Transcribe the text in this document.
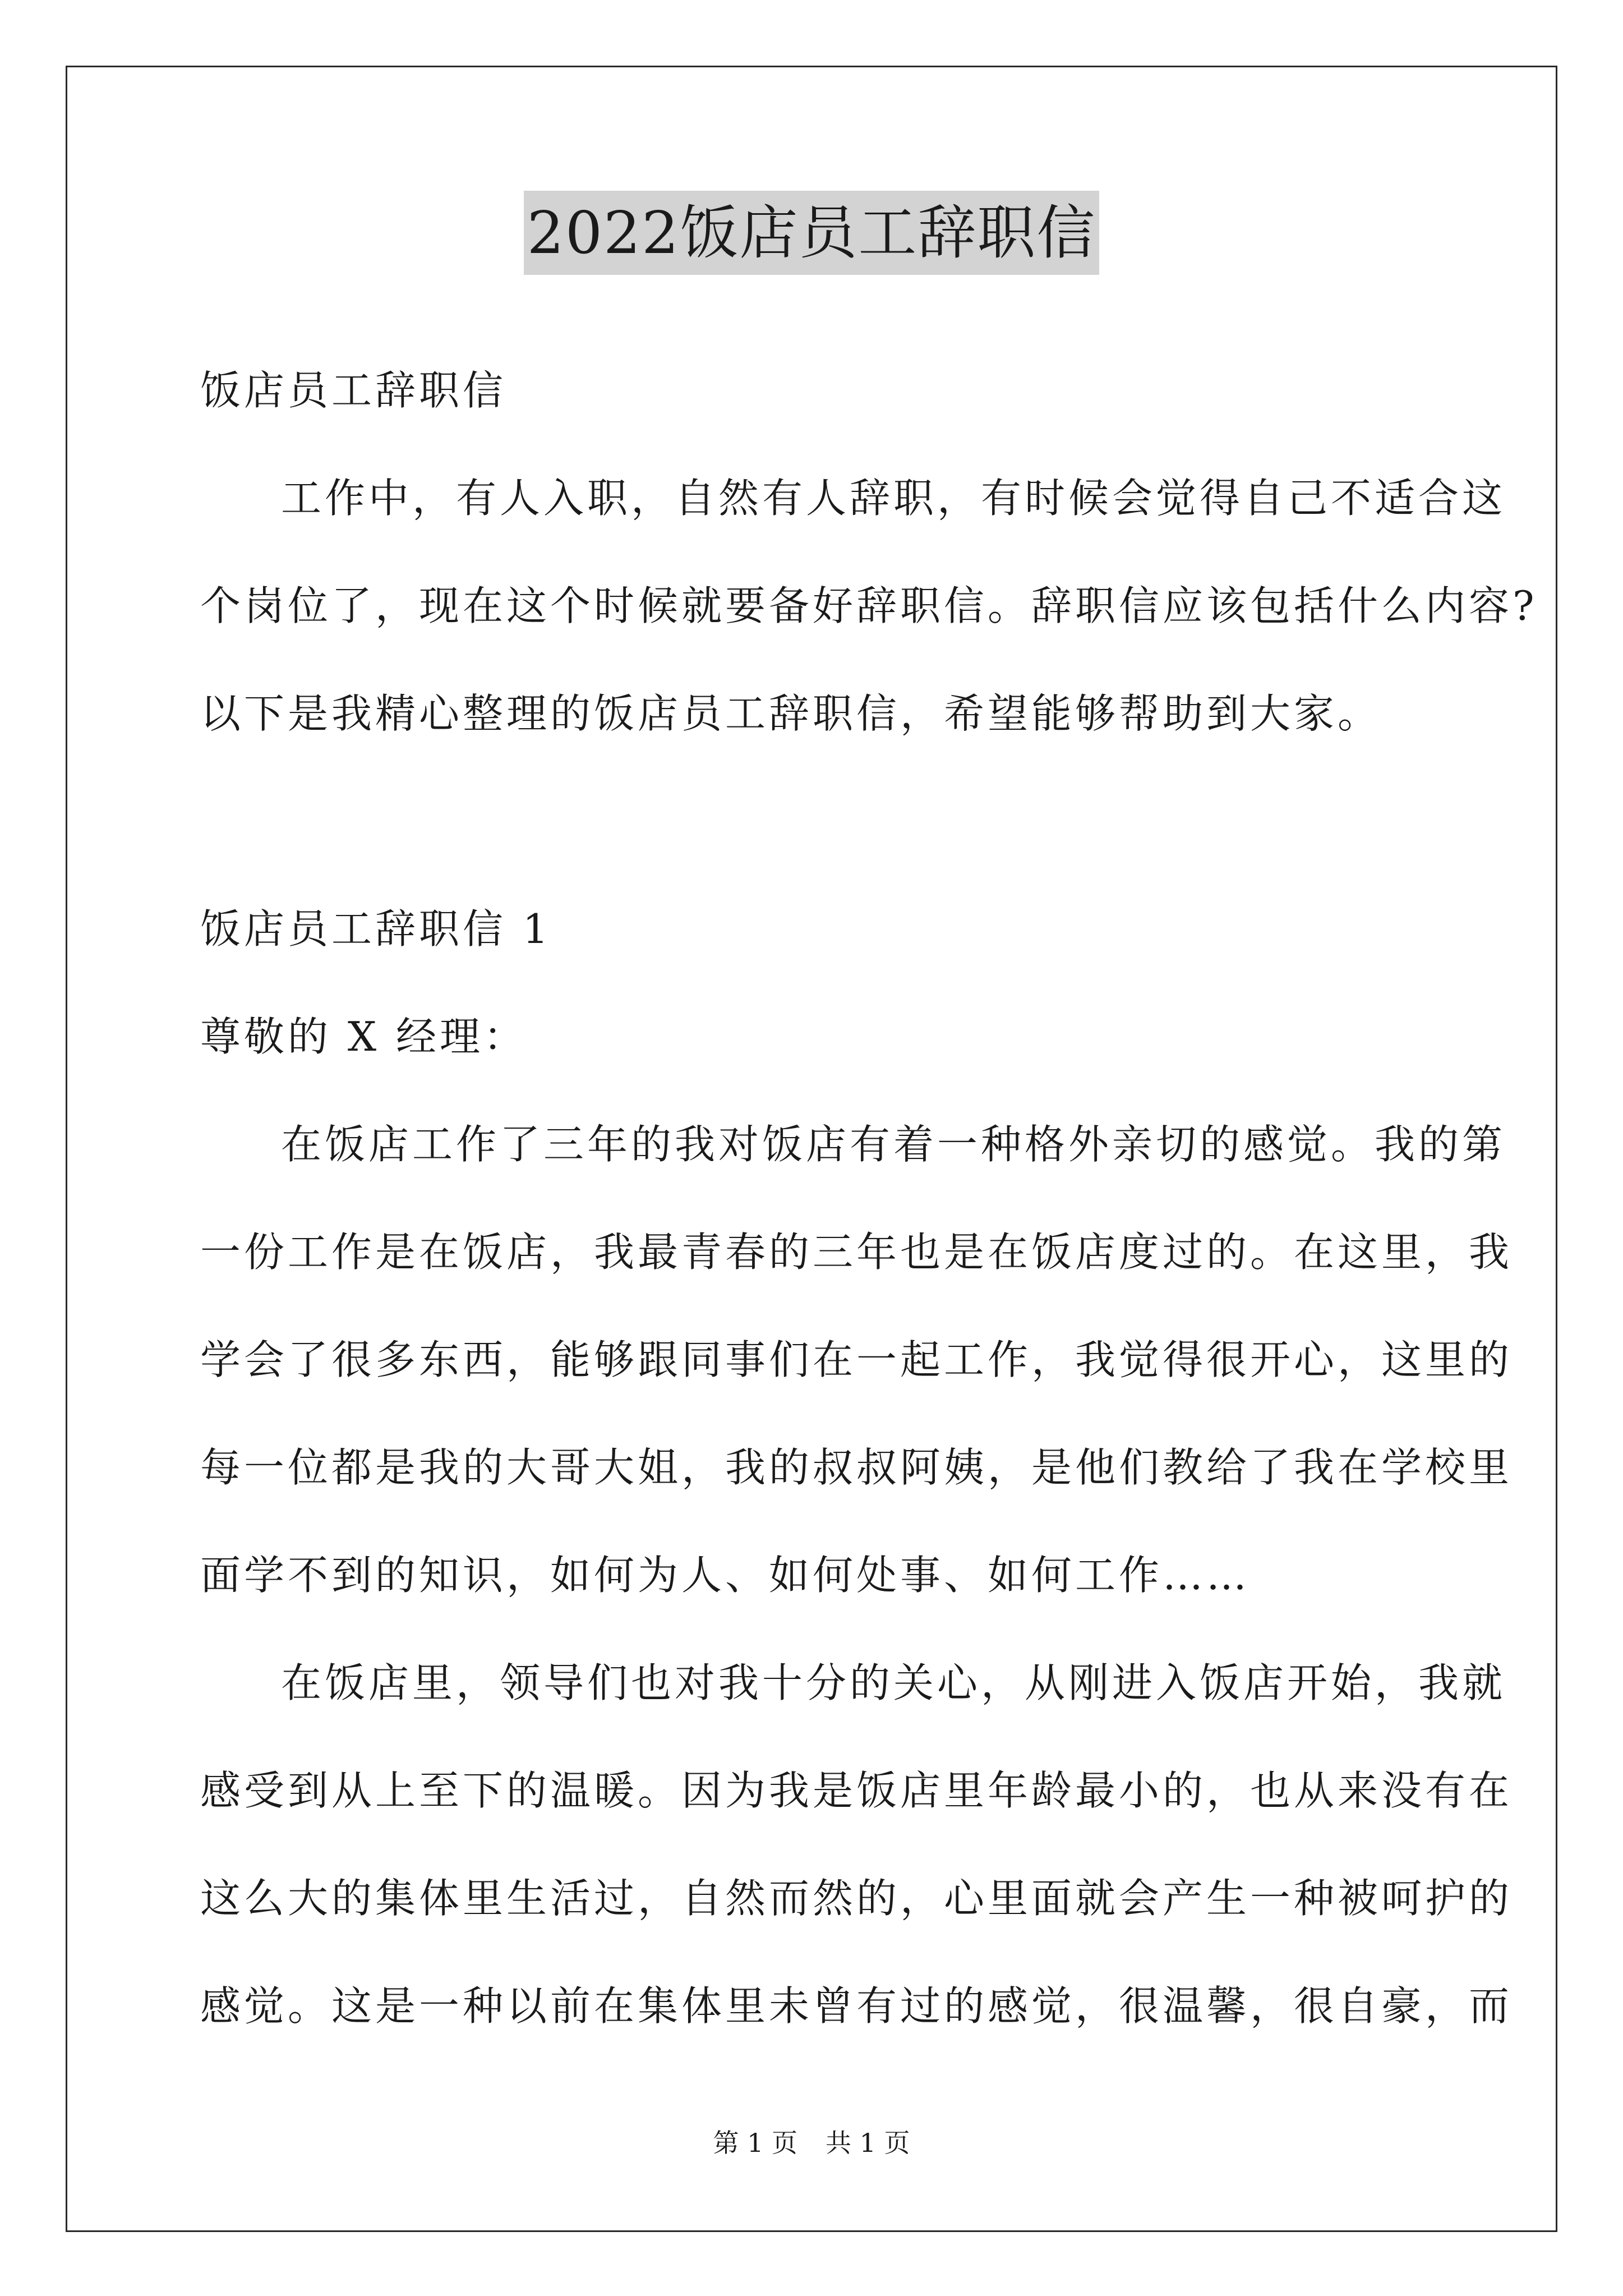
2022饭店员工辞职信
饭店员工辞职信
工作中，有人入职，自然有人辞职，有时候会觉得自己不适合这
个岗位了，现在这个时候就要备好辞职信。辞职信应该包括什么内容?
以下是我精心整理的饭店员工辞职信，希望能够帮助到大家。
饭店员工辞职信 1
尊敬的 X 经理：
在饭店工作了三年的我对饭店有着一种格外亲切的感觉。我的第
一份工作是在饭店，我最青春的三年也是在饭店度过的。在这里，我
学会了很多东西，能够跟同事们在一起工作，我觉得很开心，这里的
每一位都是我的大哥大姐，我的叔叔阿姨，是他们教给了我在学校里
面学不到的知识，如何为人、如何处事、如何工作……
在饭店里，领导们也对我十分的关心，从刚进入饭店开始，我就
感受到从上至下的温暖。因为我是饭店里年龄最小的，也从来没有在
这么大的集体里生活过，自然而然的，心里面就会产生一种被呵护的
感觉。这是一种以前在集体里未曾有过的感觉，很温馨，很自豪，而
第 1 页 共 1 页
